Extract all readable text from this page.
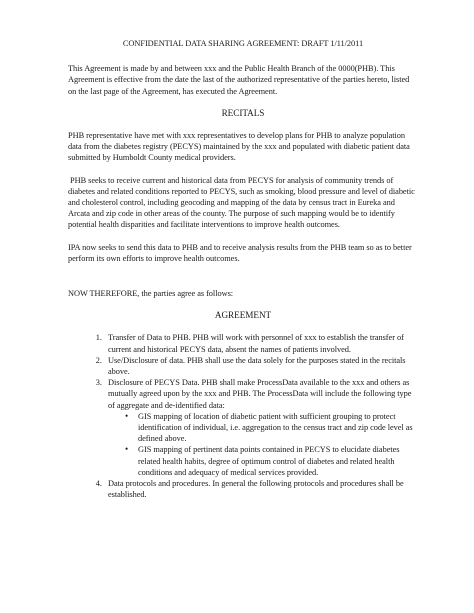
CONFIDENTIAL DATA SHARING AGREEMENT: DRAFT 1/11/2011

This Agreement is made by and between xxx and the Public Health Branch of the 0000(PHB). This Agreement is effective from the date the last of the authorized representative of the parties hereto, listed on the last page of the Agreement, has executed the Agreement.

RECITALS

PHB representative have met with xxx representatives to develop plans for PHB to analyze population data from the diabetes registry (PECYS) maintained by the xxx and populated with diabetic patient data submitted by Humboldt County medical providers.

PHB seeks to receive current and historical data from PECYS for analysis of community trends of diabetes and related conditions reported to PECYS, such as smoking, blood pressure and level of diabetic and cholesterol control, including geocoding and mapping of the data by census tract in Eureka and Arcata and zip code in other areas of the county. The purpose of such mapping would be to identify potential health disparities and facilitate interventions to improve health outcomes.

IPA now seeks to send this data to PHB and to receive analysis results from the PHB team so as to better perform its own efforts to improve health outcomes.

NOW THEREFORE, the parties agree as follows:

AGREEMENT

1. Transfer of Data to PHB. PHB will work with personnel of xxx to establish the transfer of current and historical PECYS data, absent the names of patients involved.
2. Use/Disclosure of data. PHB shall use the data solely for the purposes stated in the recitals above.
3. Disclosure of PECYS Data. PHB shall make ProcessData available to the xxx and others as mutually agreed upon by the xxx and PHB. The ProcessData will include the following type of aggregate and de-identified data:
• GIS mapping of location of diabetic patient with sufficient grouping to protect identification of individual, i.e. aggregation to the census tract and zip code level as defined above.
• GIS mapping of pertinent data points contained in PECYS to elucidate diabetes related health habits, degree of optimum control of diabetes and related health conditions and adequacy of medical services provided.
4. Data protocols and procedures. In general the following protocols and procedures shall be established.
